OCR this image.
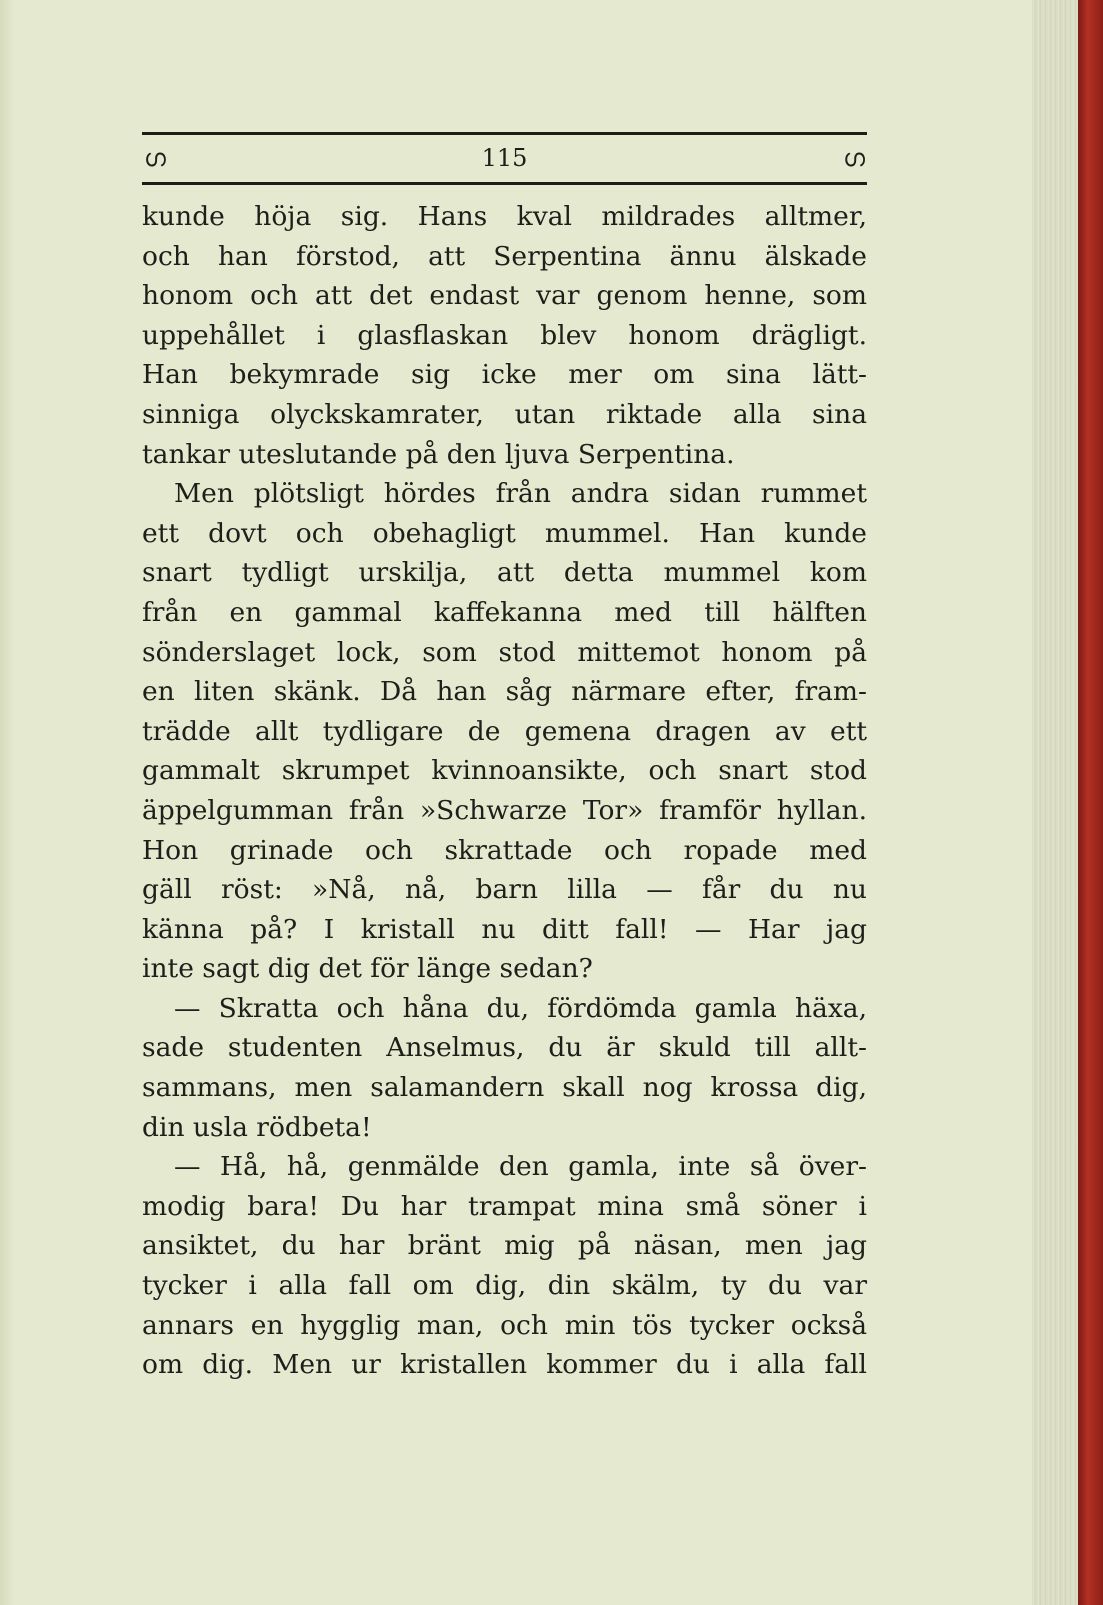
ഗ	115	ഗ
kunde höja sig. Hans kval mildrades alltmer,
och han förstod, att Serpentina ännu älskade
honom och att det endast var genom henne, som
uppehållet i glasflaskan blev honom drägligt.
Han bekymrade sig icke mer om sina lätt-
sinniga olyckskamrater, utan riktade alla sina
tankar uteslutande på den ljuva Serpentina.
Men plötsligt hördes från andra sidan rummet
ett dovt och obehagligt mummel. Han kunde
snart tydligt urskilja, att detta mummel kom
från en gammal kaffekanna med till hälften
sönderslaget lock, som stod mittemot honom på
en liten skänk. Då han såg närmare efter, fram-
trädde allt tydligare de gemena dragen av ett
gammalt skrumpet kvinnoansikte, och snart stod
äppelgumman från »Schwarze Tor» framför hyllan.
Hon grinade och skrattade och ropade med
gäll röst: »Nå, nå, barn lilla — får du nu
känna på? I kristall nu ditt fall! — Har jag
inte sagt dig det för länge sedan?
— Skratta och håna du, fördömda gamla häxa,
sade studenten Anselmus, du är skuld till allt-
sammans, men salamandern skall nog krossa dig,
din usla rödbeta!
— Hå, hå, genmälde den gamla, inte så över-
modig bara! Du har trampat mina små söner i
ansiktet, du har bränt mig på näsan, men jag
tycker i alla fall om dig, din skälm, ty du var
annars en hygglig man, och min tös tycker också
om dig. Men ur kristallen kommer du i alla fall
